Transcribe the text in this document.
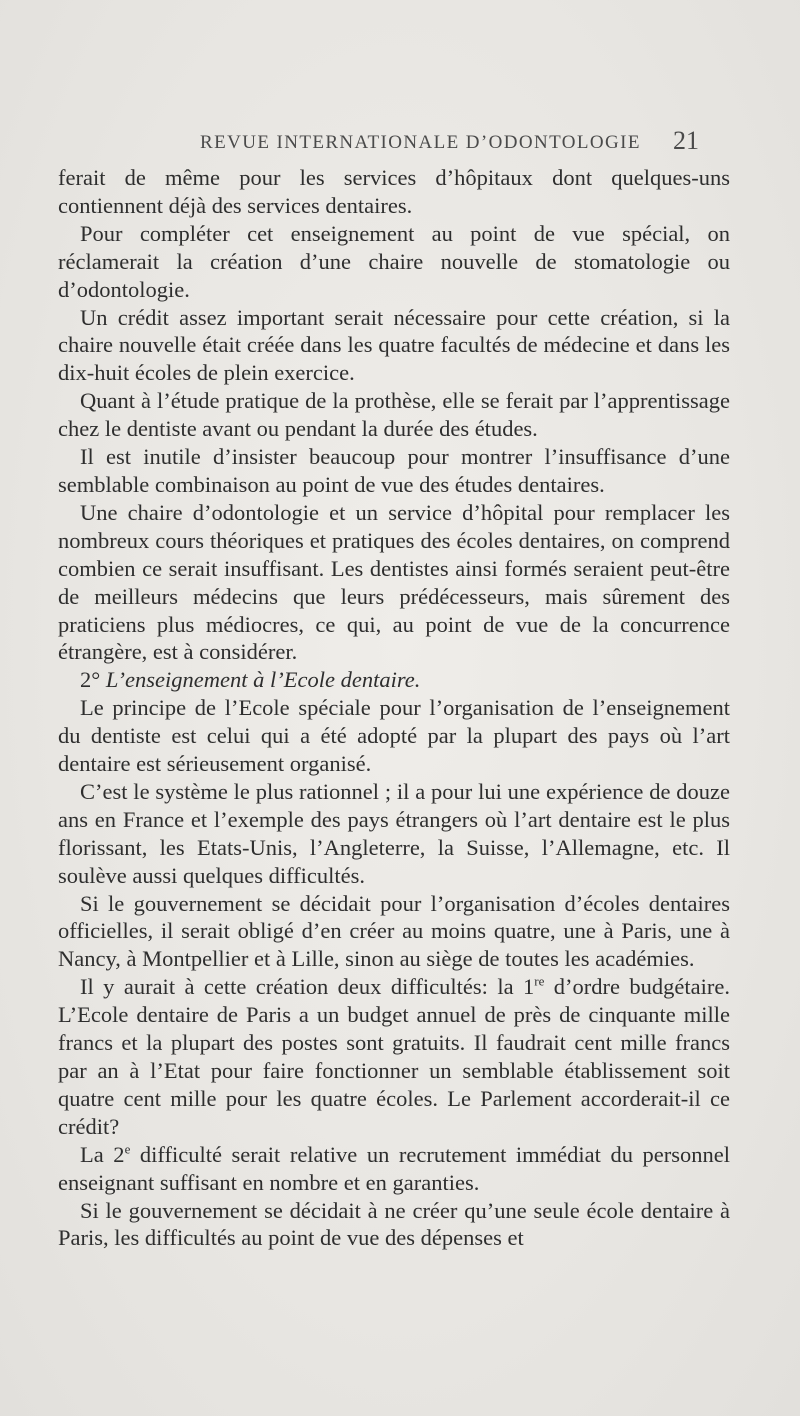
REVUE INTERNATIONALE D’ODONTOLOGIE 21

ferait de même pour les services d’hôpitaux dont quelques-uns contiennent déjà des services dentaires.

Pour compléter cet enseignement au point de vue spécial, on réclamerait la création d’une chaire nouvelle de stomatologie ou d’odontologie.

Un crédit assez important serait nécessaire pour cette création, si la chaire nouvelle était créée dans les quatre facultés de médecine et dans les dix-huit écoles de plein exercice.

Quant à l’étude pratique de la prothèse, elle se ferait par l’apprentissage chez le dentiste avant ou pendant la durée des études.

Il est inutile d’insister beaucoup pour montrer l’insuffisance d’une semblable combinaison au point de vue des études dentaires.

Une chaire d’odontologie et un service d’hôpital pour remplacer les nombreux cours théoriques et pratiques des écoles dentaires, on comprend combien ce serait insuffisant. Les dentistes ainsi formés seraient peut-être de meilleurs médecins que leurs prédécesseurs, mais sûrement des praticiens plus médiocres, ce qui, au point de vue de la concurrence étrangère, est à considérer.

2° L’enseignement à l’Ecole dentaire.

Le principe de l’Ecole spéciale pour l’organisation de l’enseignement du dentiste est celui qui a été adopté par la plupart des pays où l’art dentaire est sérieusement organisé.

C’est le système le plus rationnel ; il a pour lui une expérience de douze ans en France et l’exemple des pays étrangers où l’art dentaire est le plus florissant, les Etats-Unis, l’Angleterre, la Suisse, l’Allemagne, etc. Il soulève aussi quelques difficultés.

Si le gouvernement se décidait pour l’organisation d’écoles dentaires officielles, il serait obligé d’en créer au moins quatre, une à Paris, une à Nancy, à Montpellier et à Lille, sinon au siège de toutes les académies.

Il y aurait à cette création deux difficultés: la 1re d’ordre budgétaire. L’Ecole dentaire de Paris a un budget annuel de près de cinquante mille francs et la plupart des postes sont gratuits. Il faudrait cent mille francs par an à l’Etat pour faire fonctionner un semblable établissement soit quatre cent mille pour les quatre écoles. Le Parlement accorderait-il ce crédit?

La 2e difficulté serait relative un recrutement immédiat du personnel enseignant suffisant en nombre et en garanties.

Si le gouvernement se décidait à ne créer qu’une seule école dentaire à Paris, les difficultés au point de vue des dépenses et
